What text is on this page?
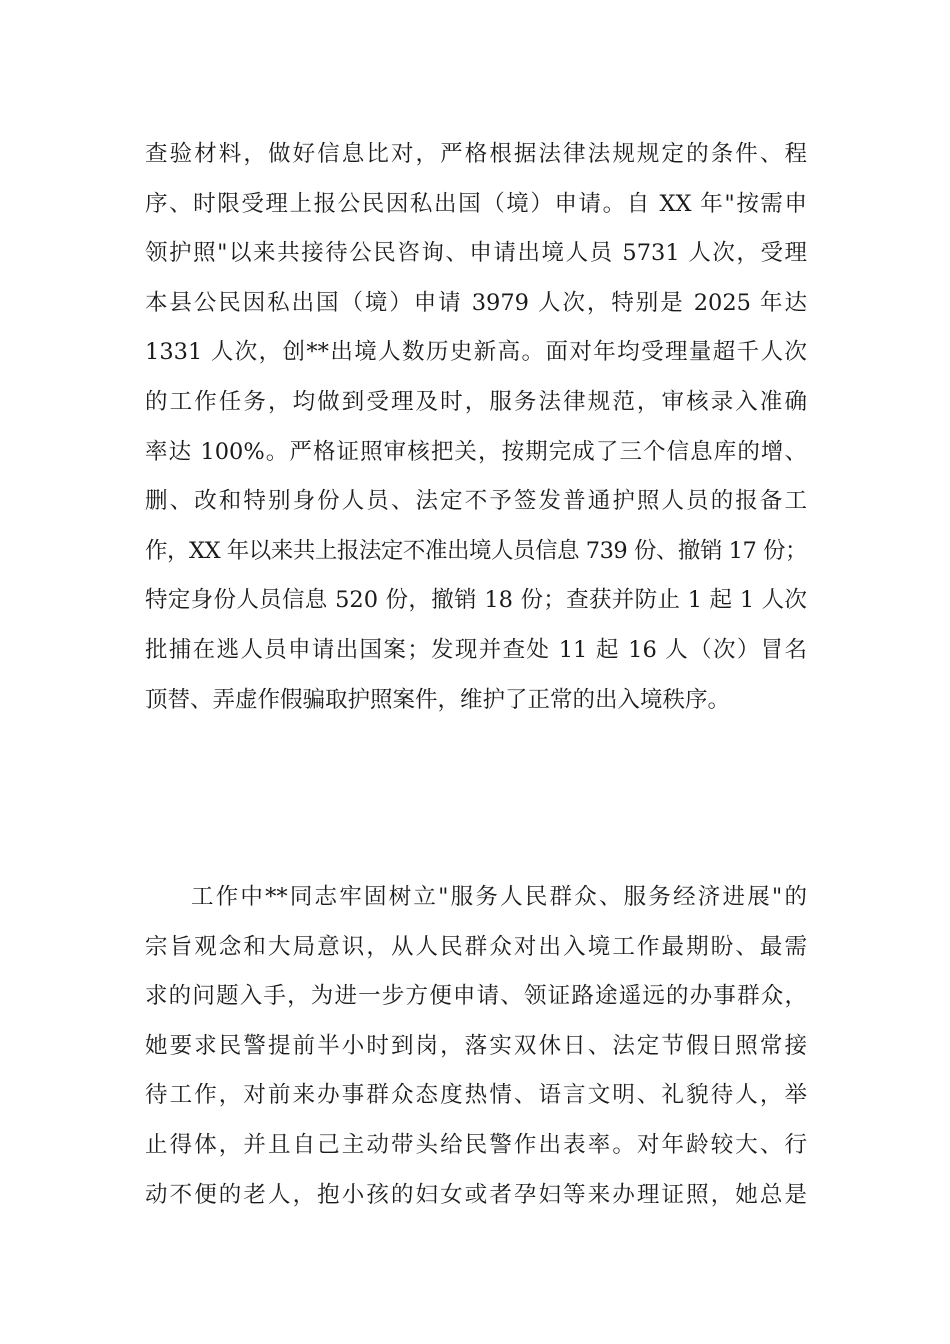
查验材料，做好信息比对，严格根据法律法规规定的条件、程
序、时限受理上报公民因私出国（境）申请。自 XX 年"按需申
领护照"以来共接待公民咨询、申请出境人员 5731 人次，受理
本县公民因私出国（境）申请 3979 人次，特别是 2025 年达
1331 人次，创**出境人数历史新高。面对年均受理量超千人次
的工作任务，均做到受理及时，服务法律规范，审核录入准确
率达 100%。严格证照审核把关，按期完成了三个信息库的增、
删、改和特别身份人员、法定不予签发普通护照人员的报备工
作，XX 年以来共上报法定不准出境人员信息 739 份、撤销 17 份；
特定身份人员信息 520 份，撤销 18 份；查获并防止 1 起 1 人次
批捕在逃人员申请出国案；发现并查处 11 起 16 人（次）冒名
顶替、弄虚作假骗取护照案件，维护了正常的出入境秩序。
工作中**同志牢固树立"服务人民群众、服务经济进展"的
宗旨观念和大局意识，从人民群众对出入境工作最期盼、最需
求的问题入手，为进一步方便申请、领证路途遥远的办事群众，
她要求民警提前半小时到岗，落实双休日、法定节假日照常接
待工作，对前来办事群众态度热情、语言文明、礼貌待人，举
止得体，并且自己主动带头给民警作出表率。对年龄较大、行
动不便的老人，抱小孩的妇女或者孕妇等来办理证照，她总是
